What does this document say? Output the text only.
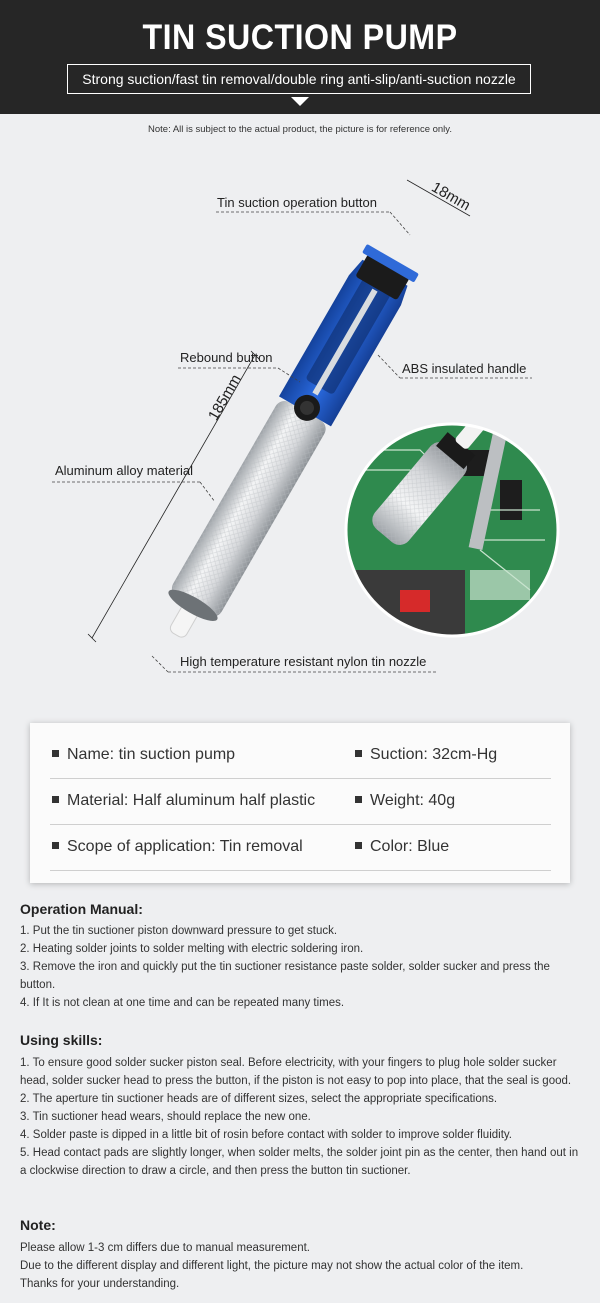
TIN SUCTION PUMP
Strong suction/fast tin removal/double ring anti-slip/anti-suction nozzle
Note: All is subject to the actual product, the picture is for reference only.
Tin suction operation button	18mm
Rebound button
ABS insulated handle
185mm
Aluminum alloy material
High temperature resistant nylon tin nozzle
Name: tin suction pump	Suction: 32cm-Hg
Material: Half aluminum half plastic	Weight: 40g
Scope of application: Tin removal	Color: Blue
Operation Manual:
1. Put the tin suctioner piston downward pressure to get stuck.
2. Heating solder joints to solder melting with electric soldering iron.
3. Remove the iron and quickly put the tin suctioner resistance paste solder, solder sucker and press the button.
4. If It is not clean at one time and can be repeated many times.
Using skills:
1. To ensure good solder sucker piston seal. Before electricity, with your fingers to plug hole solder sucker head, solder sucker head to press the button, if the piston is not easy to pop into place, that the seal is good.
2. The aperture tin suctioner heads are of different sizes, select the appropriate specifications.
3. Tin suctioner head wears, should replace the new one.
4. Solder paste is dipped in a little bit of rosin before contact with solder to improve solder fluidity.
5. Head contact pads are slightly longer, when solder melts, the solder joint pin as the center, then hand out in a clockwise direction to draw a circle, and then press the button tin suctioner.
Note:
Please allow 1-3 cm differs due to manual measurement.
Due to the different display and different light, the picture may not show the actual color of the item.
Thanks for your understanding.
